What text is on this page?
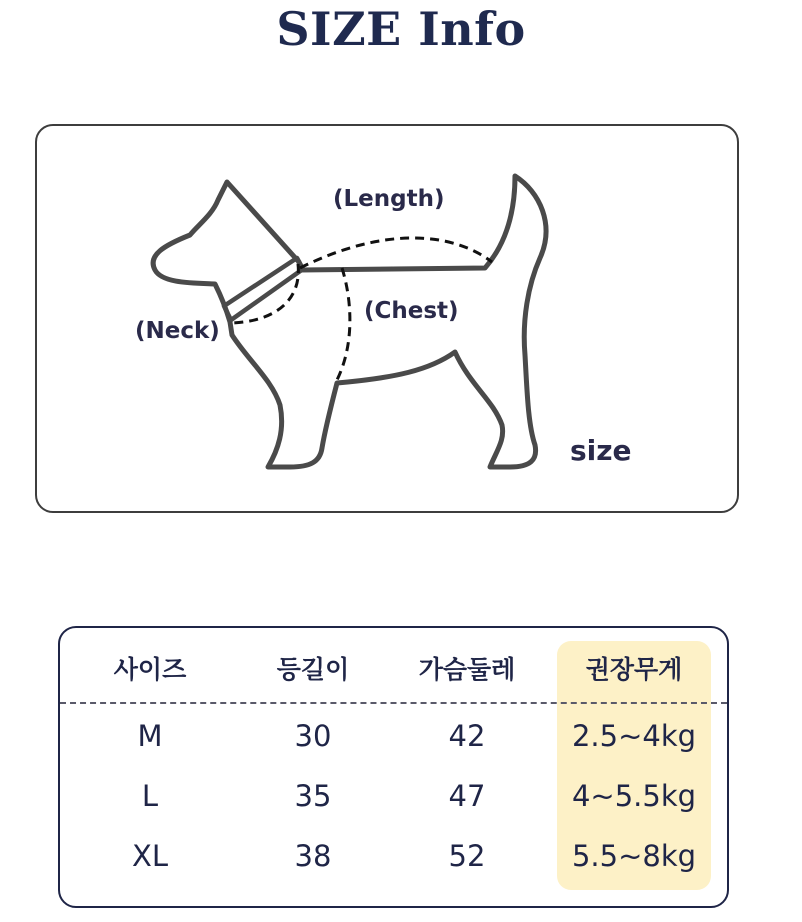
SIZE Info
(Length)
(Chest)
(Neck)
size
사이즈	등길이	가슴둘레	권장무게
M	30	42	2.5~4kg
L	35	47	4~5.5kg
XL	38	52	5.5~8kg
